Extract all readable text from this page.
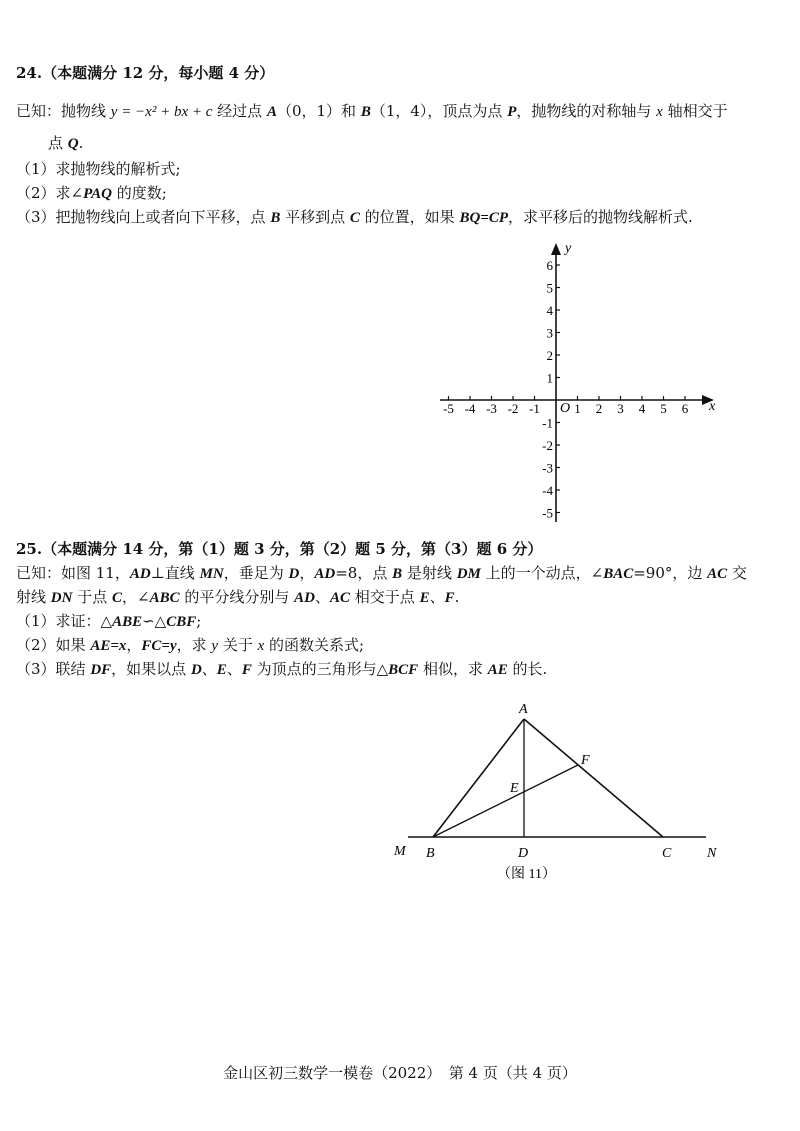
24.（本题满分 12 分，每小题 4 分）
已知：抛物线 y = −x² + bx + c 经过点 A（0，1）和 B（1，4），顶点为点 P，抛物线的对称轴与 x 轴相交于
点 Q.
（1）求抛物线的解析式;
（2）求∠PAQ 的度数;
（3）把抛物线向上或者向下平移，点 B 平移到点 C 的位置，如果 BQ=CP，求平移后的抛物线解析式.
x
y
O
-5 -4 -3 -2 -1	1 2 3 4 5 6
6
5
4
3
2
1
-1
-2
-3
-4
-5
25.（本题满分 14 分，第（1）题 3 分，第（2）题 5 分，第（3）题 6 分）
已知：如图 11，AD⊥直线 MN，垂足为 D，AD=8，点 B 是射线 DM 上的一个动点，∠BAC=90°，边 AC 交
射线 DN 于点 C，∠ABC 的平分线分别与 AD、AC 相交于点 E、F.
（1）求证：△ABE∽△CBF;
（2）如果 AE=x，FC=y，求 y 关于 x 的函数关系式;
（3）联结 DF，如果以点 D、E、F 为顶点的三角形与△BCF 相似，求 AE 的长.
A
F
E
M B	D	C	N
（图 11）
金山区初三数学一模卷（2022）　第 4 页（共 4 页）
